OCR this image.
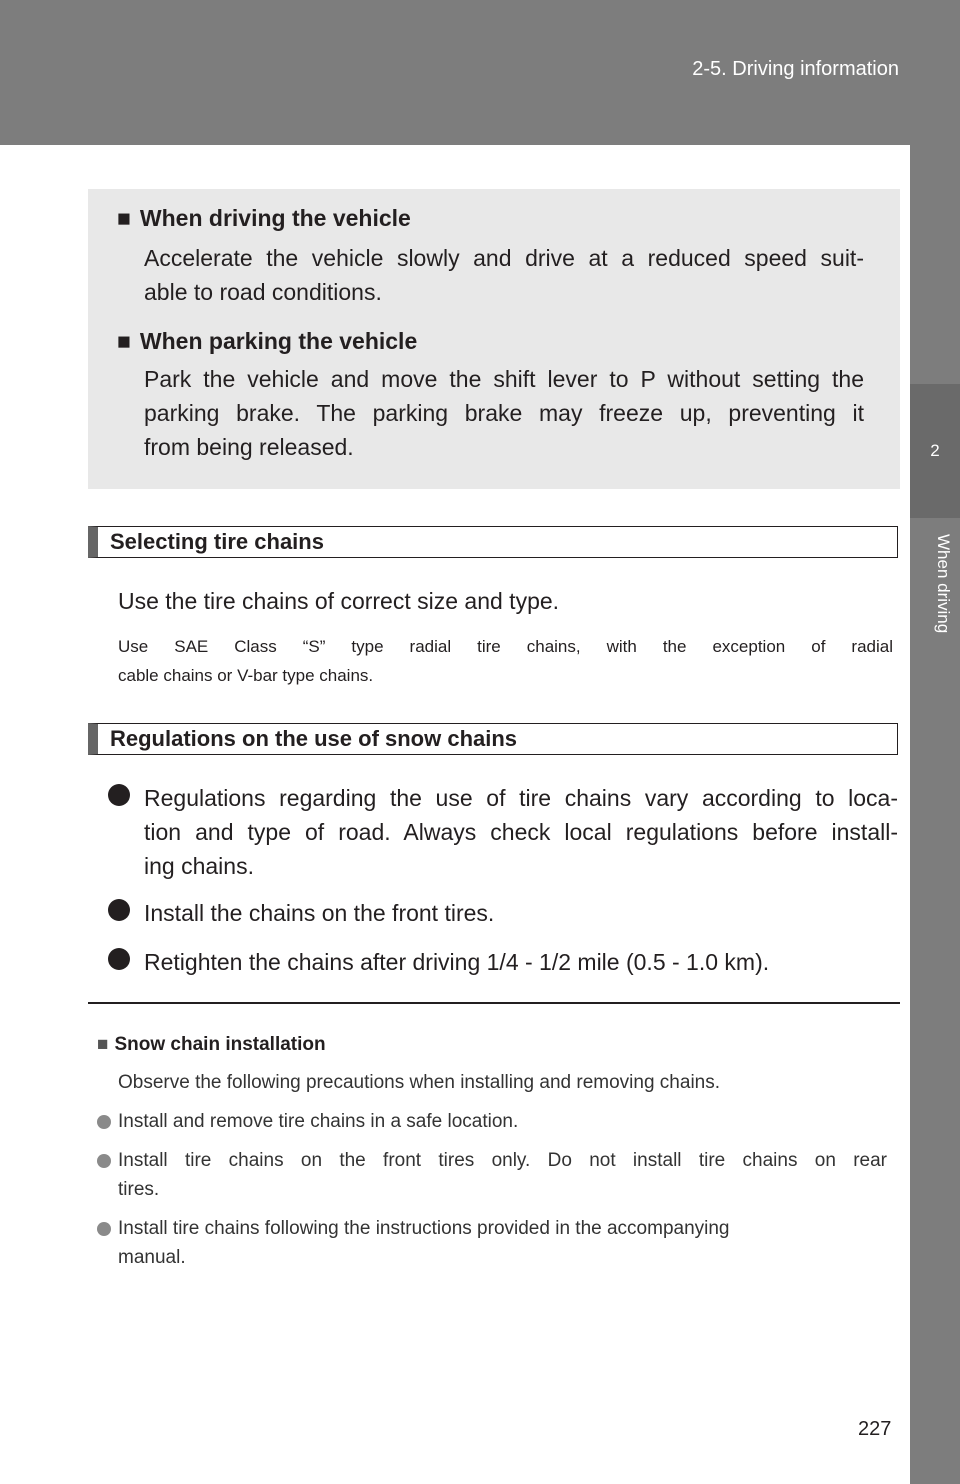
2-5. Driving information
2
When driving
■ When driving the vehicle
Accelerate the vehicle slowly and drive at a reduced speed suit-
able to road conditions.
■ When parking the vehicle
Park the vehicle and move the shift lever to P without setting the
parking brake. The parking brake may freeze up, preventing it
from being released.
Selecting tire chains
Use the tire chains of correct size and type.
Use SAE Class “S” type radial tire chains, with the exception of radial
cable chains or V-bar type chains.
Regulations on the use of snow chains
Regulations regarding the use of tire chains vary according to loca-
tion and type of road. Always check local regulations before install-
ing chains.
Install the chains on the front tires.
Retighten the chains after driving 1/4 - 1/2 mile (0.5 - 1.0 km).
■ Snow chain installation
Observe the following precautions when installing and removing chains.
Install and remove tire chains in a safe location.
Install tire chains on the front tires only. Do not install tire chains on rear
tires.
Install tire chains following the instructions provided in the accompanying
manual.
227
